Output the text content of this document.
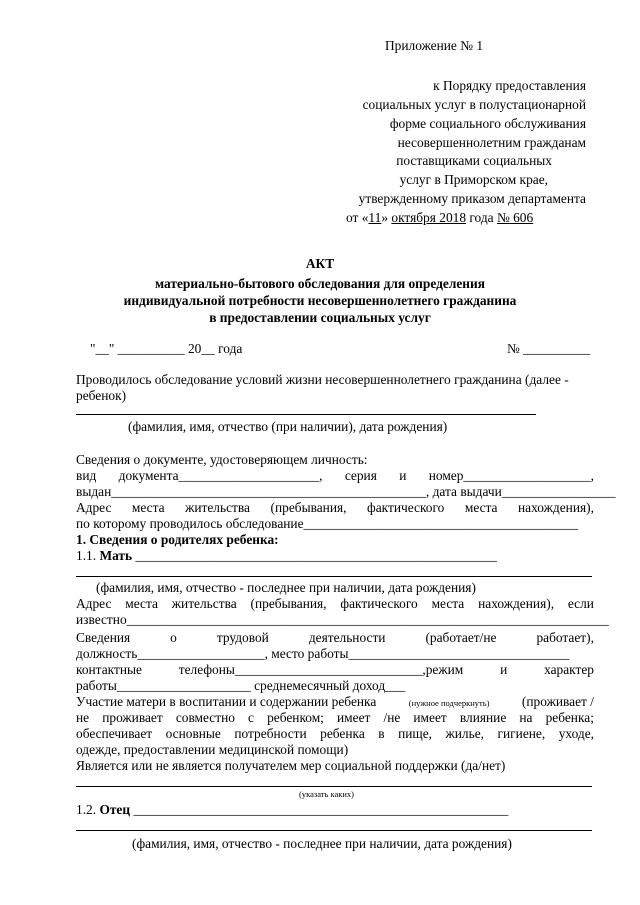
Приложение № 1
к Порядку предоставления
социальных услуг в полустационарной
форме социального обслуживания
несовершеннолетним гражданам
поставщиками социальных
услуг в Приморском крае,
утвержденному приказом департамента
от «11» октября 2018 года № 606
АКТ
материально-бытового обследования для определения
индивидуальной потребности несовершеннолетнего гражданина
в предоставлении социальных услуг
"__" __________ 20__ года	№ __________
Проводилось обследование условий жизни несовершеннолетнего гражданина (далее -
ребенок)
(фамилия, имя, отчество (при наличии), дата рождения)
Сведения о документе, удостоверяющем личность:
вид документа_____________________, серия и номер___________________,
выдан_______________________________________________, дата выдачи_________________
Адрес места жительства (пребывания, фактического места нахождения),
по которому проводилось обследование_________________________________________
1. Сведения о родителях ребенка:
1.1. Мать ______________________________________________________
(фамилия, имя, отчество - последнее при наличии, дата рождения)
Адрес места жительства (пребывания, фактического места нахождения), если
известно________________________________________________________________________
Сведения	о	трудовой	деятельности	(работает/не	работает),
должность___________________, место работы_________________________________
контактные	телефоны____________________________,режим	и	характер
работы____________________ среднемесячный доход___
Участие матери в воспитании и содержании ребенка	(нужное подчеркнуть) (проживает /
не проживает совместно с ребенком; имеет /не имеет влияние на ребенка;
обеспечивает основные потребности ребенка в пище, жилье, гигиене, уходе,
одежде, предоставлении медицинской помощи)
Является или не является получателем мер социальной поддержки (да/нет)
(указать каких)
1.2. Отец ________________________________________________________
(фамилия, имя, отчество - последнее при наличии, дата рождения)
